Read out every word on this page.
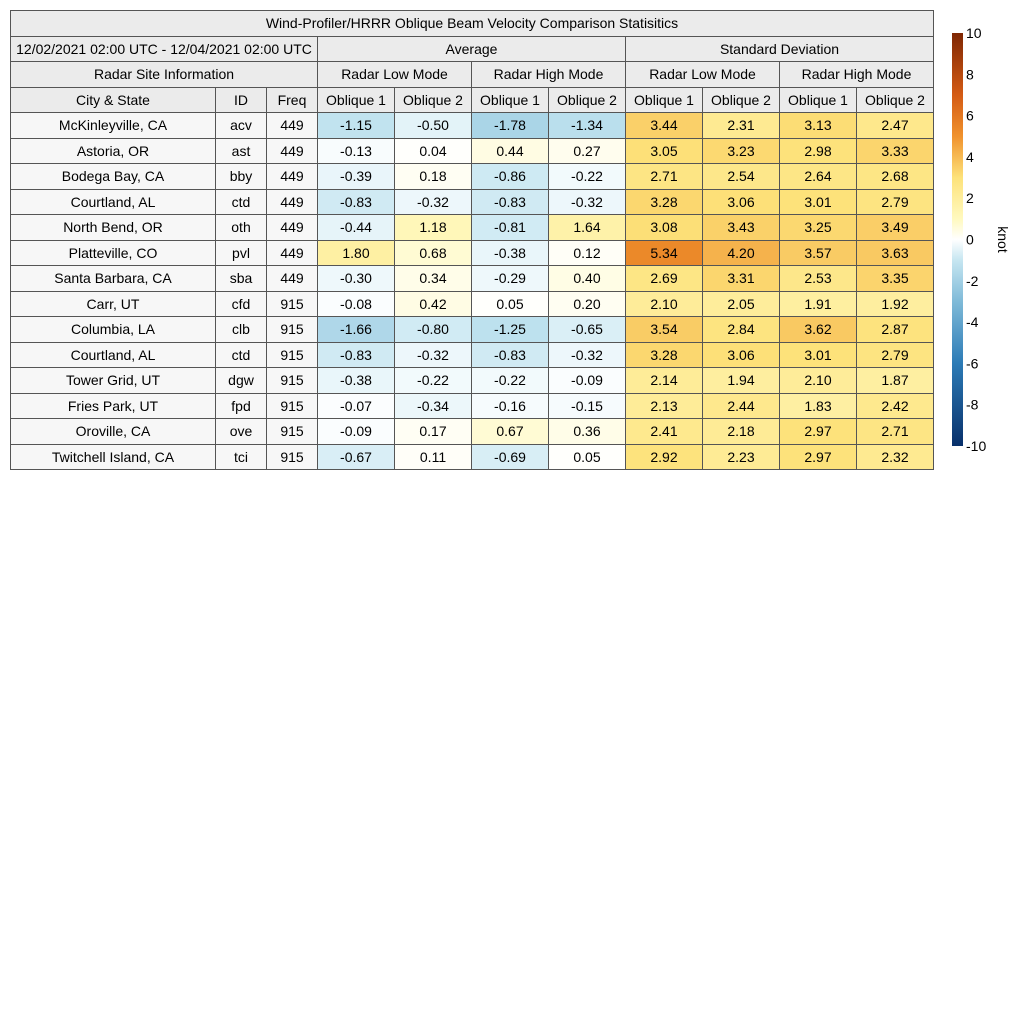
Wind-Profiler/HRRR Oblique Beam Velocity Comparison Statisitics										
12/02/2021 02:00 UTC - 12/04/2021 02:00 UTC			Average				Standard Deviation			
Radar Site Information			Radar Low Mode		Radar High Mode		Radar Low Mode		Radar High Mode	
City & State	ID	Freq	Oblique 1	Oblique 2	Oblique 1	Oblique 2	Oblique 1	Oblique 2	Oblique 1	Oblique 2
McKinleyville, CA	acv	449	-1.15	-0.50	-1.78	-1.34	3.44	2.31	3.13	2.47
Astoria, OR	ast	449	-0.13	0.04	0.44	0.27	3.05	3.23	2.98	3.33
Bodega Bay, CA	bby	449	-0.39	0.18	-0.86	-0.22	2.71	2.54	2.64	2.68
Courtland, AL	ctd	449	-0.83	-0.32	-0.83	-0.32	3.28	3.06	3.01	2.79
North Bend, OR	oth	449	-0.44	1.18	-0.81	1.64	3.08	3.43	3.25	3.49
Platteville, CO	pvl	449	1.80	0.68	-0.38	0.12	5.34	4.20	3.57	3.63
Santa Barbara, CA	sba	449	-0.30	0.34	-0.29	0.40	2.69	3.31	2.53	3.35
Carr, UT	cfd	915	-0.08	0.42	0.05	0.20	2.10	2.05	1.91	1.92
Columbia, LA	clb	915	-1.66	-0.80	-1.25	-0.65	3.54	2.84	3.62	2.87
Courtland, AL	ctd	915	-0.83	-0.32	-0.83	-0.32	3.28	3.06	3.01	2.79
Tower Grid, UT	dgw	915	-0.38	-0.22	-0.22	-0.09	2.14	1.94	2.10	1.87
Fries Park, UT	fpd	915	-0.07	-0.34	-0.16	-0.15	2.13	2.44	1.83	2.42
Oroville, CA	ove	915	-0.09	0.17	0.67	0.36	2.41	2.18	2.97	2.71
Twitchell Island, CA	tci	915	-0.67	0.11	-0.69	0.05	2.92	2.23	2.97	2.32
10
8
6
4
2
0
-2
-4
-6
-8
-10
knot
